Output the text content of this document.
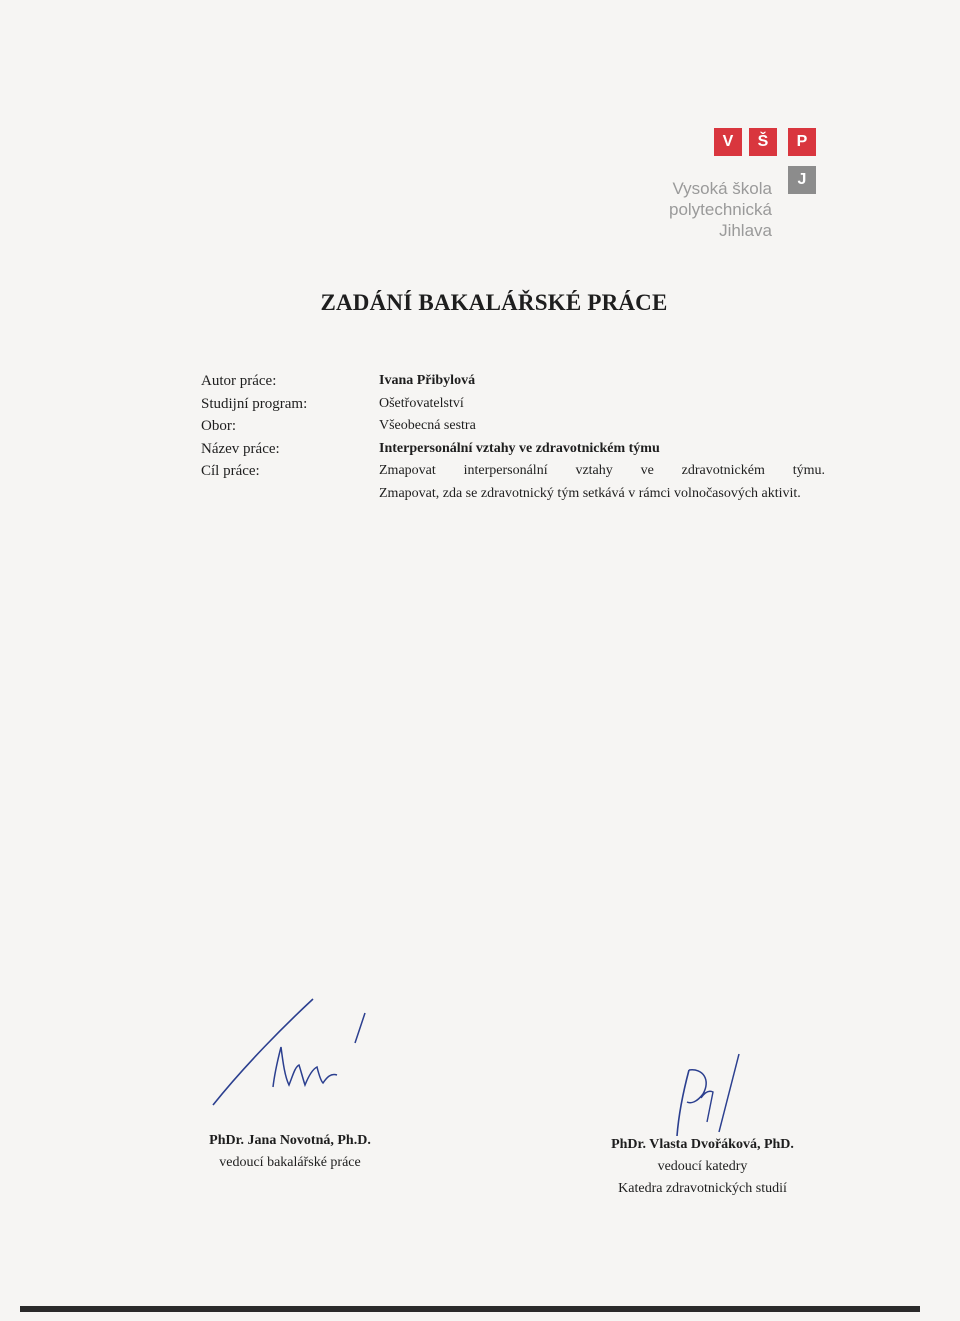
V	Š	P
J
Vysoká škola
polytechnická
Jihlava
ZADÁNÍ BAKALÁŘSKÉ PRÁCE
Autor práce:
Studijní program:
Obor:
Název práce:
Cíl práce:
Ivana Přibylová
Ošetřovatelství
Všeobecná sestra
Interpersonální vztahy ve zdravotnickém týmu
Zmapovat interpersonální vztahy ve zdravotnickém týmu.
Zmapovat, zda se zdravotnický tým setkává v rámci volnočasových aktivit.
PhDr. Jana Novotná, Ph.D.
vedoucí bakalářské práce
PhDr. Vlasta Dvořáková, PhD.
vedoucí katedry
Katedra zdravotnických studií
